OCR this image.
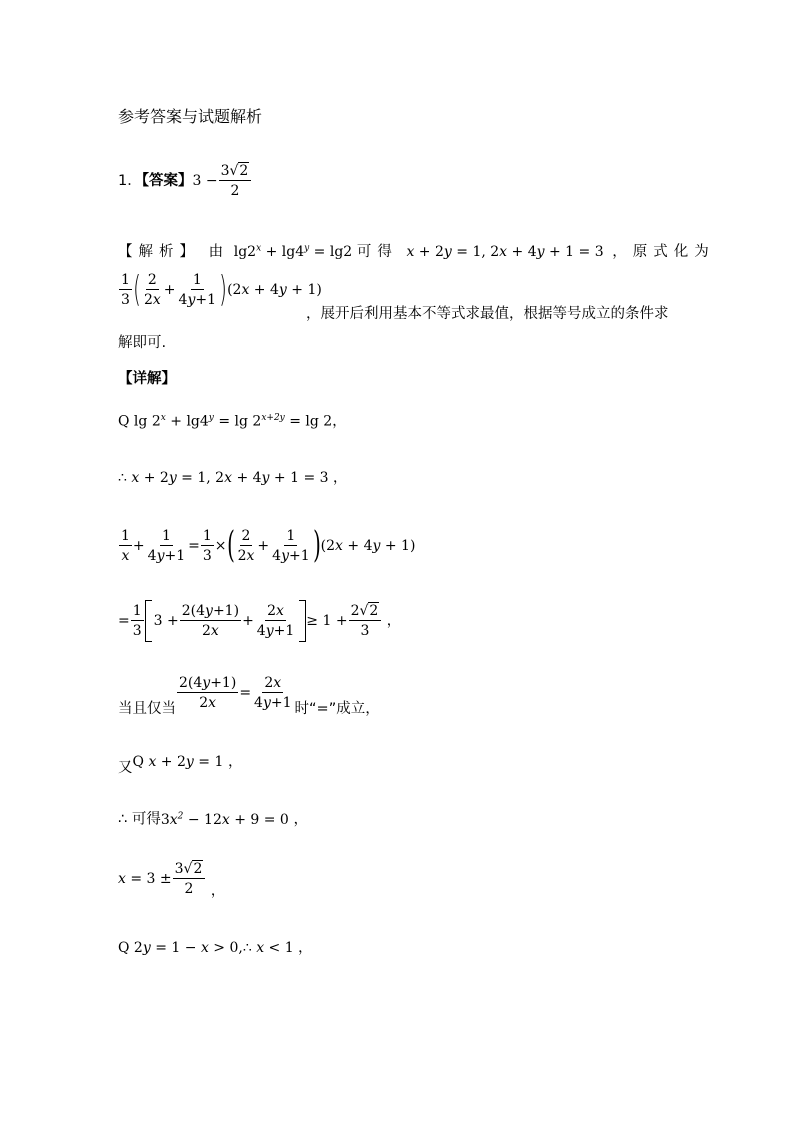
参考答案与试题解析
1．【答案】$3 - \frac{3√2}{2}$
【解析】 由 $\lg 2^x + \lg 4^y = \lg 2$ 可得 x + 2y = 1, 2x + 4y + 1 = 3 ，原式化为
$\frac{1}{3}$ ( $\frac{2}{2x} + \frac{1}{4y+1} )(2x + 4y + 1)$
，展开后利用基本不等式求最值，根据等号成立的条件求
解即可.
【详解】
Q $\lg 2^x + \lg 4^y = \lg 2^{x+2y} = \lg 2$，
∴ x + 2y = 1, 2x + 4y + 1 = 3 ，
$\frac{1}{x} + \frac{1}{4y+1} = \frac{1}{3}$ ×( $\frac{2}{2x} + \frac{1}{4y+1} )(2x + 4y + 1)$
= $\frac{1}{3} 3 + \frac{2(4y+1)}{2x} + \frac{2x}{4y+1} \ge 1 + \frac{2√2}{3}$ ，
当且仅当 $\frac{2(4y+1)}{2x} = \frac{2x}{4y+1}$ 时“=”成立，
又Q x + 2y = 1 ，
∴ 可得$3x^2 - 12x + 9 = 0$ ，
$x = 3 \pm \frac{3√2}{2}$ ，
Q 2y = 1 − x > 0,∴ x < 1 ，
